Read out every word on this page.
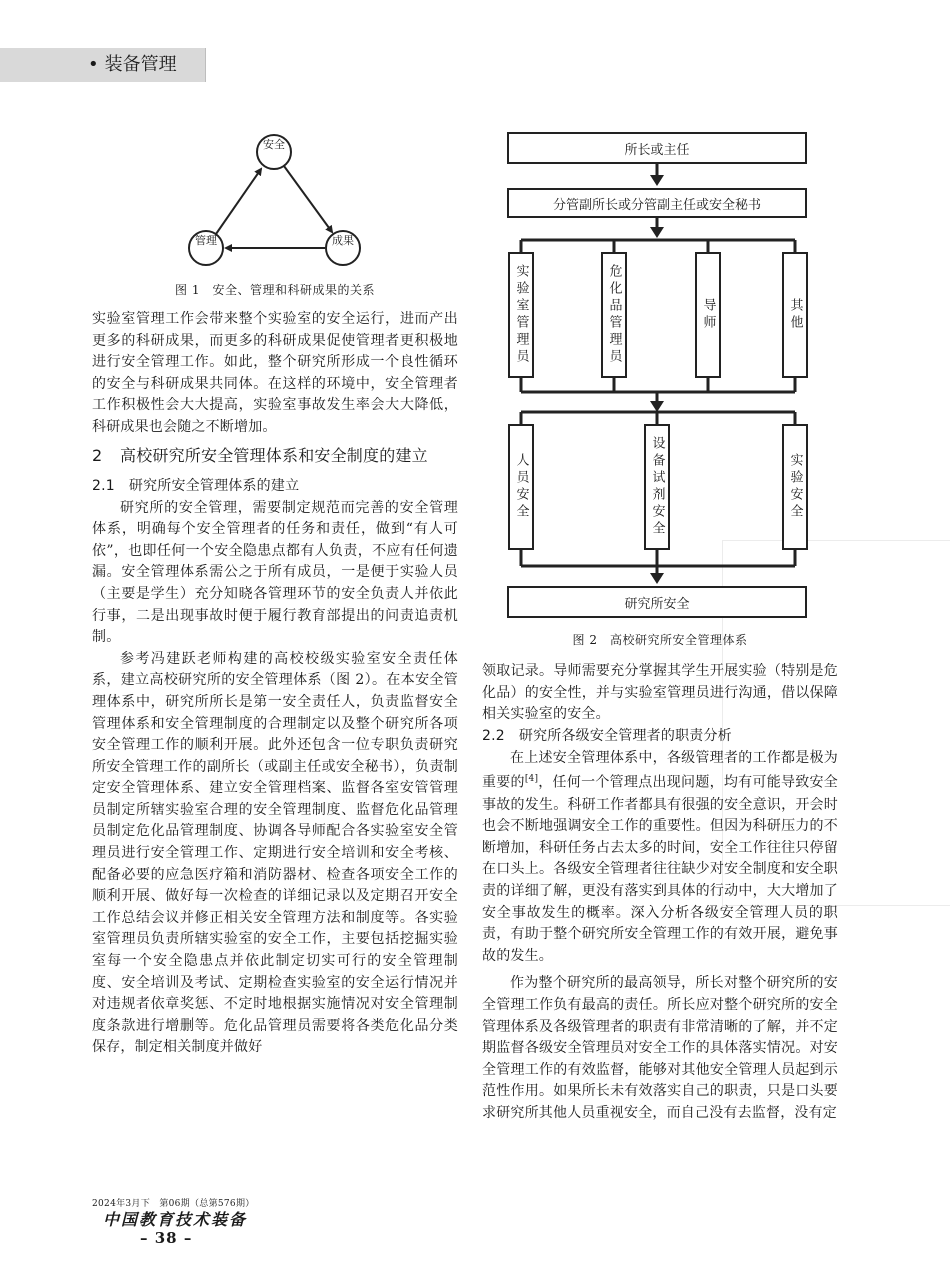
• 装备管理
安全
管理	成果
图 1　安全、管理和科研成果的关系
所长或主任
分管副所长或分管副主任或安全秘书
实验室管理员	危化品管理员	导师	其他
人员安全	设备试剂安全	实验安全
研究所安全
图 2　高校研究所安全管理体系

实验室管理工作会带来整个实验室的安全运行，进而产出更多的科研成果，而更多的科研成果促使管理者更积极地进行安全管理工作。如此，整个研究所形成一个良性循环的安全与科研成果共同体。在这样的环境中，安全管理者工作积极性会大大提高，实验室事故发生率会大大降低，科研成果也会随之不断增加。

2	高校研究所安全管理体系和安全制度的建立
2.1 研究所安全管理体系的建立

研究所的安全管理，需要制定规范而完善的安全管理体系，明确每个安全管理者的任务和责任，做到“有人可依”，也即任何一个安全隐患点都有人负责，不应有任何遗漏。安全管理体系需公之于所有成员，一是便于实验人员（主要是学生）充分知晓各管理环节的安全负责人并依此行事，二是出现事故时便于履行教育部提出的问责追责机制。

参考冯建跃老师构建的高校校级实验室安全责任体系，建立高校研究所的安全管理体系（图 2）。在本安全管理体系中，研究所所长是第一安全责任人，负责监督安全管理体系和安全管理制度的合理制定以及整个研究所各项安全管理工作的顺利开展。此外还包含一位专职负责研究所安全管理工作的副所长（或副主任或安全秘书），负责制定安全管理体系、建立安全管理档案、监督各室安管管理员制定所辖实验室合理的安全管理制度、监督危化品管理员制定危化品管理制度、协调各导师配合各实验室安全管理员进行安全管理工作、定期进行安全培训和安全考核、配备必要的应急医疗箱和消防器材、检查各项安全工作的顺利开展、做好每一次检查的详细记录以及定期召开安全工作总结会议并修正相关安全管理方法和制度等。各实验室管理员负责所辖实验室的安全工作，主要包括挖掘实验室每一个安全隐患点并依此制定切实可行的安全管理制度、安全培训及考试、定期检查实验室的安全运行情况并对违规者依章奖惩、不定时地根据实施情况对安全管理制度条款进行增删等。危化品管理员需要将各类危化品分类保存，制定相关制度并做好

领取记录。导师需要充分掌握其学生开展实验（特别是危化品）的安全性，并与实验室管理员进行沟通，借以保障相关实验室的安全。

2.2 研究所各级安全管理者的职责分析

在上述安全管理体系中，各级管理者的工作都是极为重要的[4]，任何一个管理点出现问题，均有可能导致安全事故的发生。科研工作者都具有很强的安全意识，开会时也会不断地强调安全工作的重要性。但因为科研压力的不断增加，科研任务占去太多的时间，安全工作往往只停留在口头上。各级安全管理者往往缺少对安全制度和安全职责的详细了解，更没有落实到具体的行动中，大大增加了安全事故发生的概率。深入分析各级安全管理人员的职责，有助于整个研究所安全管理工作的有效开展，避免事故的发生。

作为整个研究所的最高领导，所长对整个研究所的安全管理工作负有最高的责任。所长应对整个研究所的安全管理体系及各级管理者的职责有非常清晰的了解，并不定期监督各级安全管理员对安全工作的具体落实情况。对安全管理工作的有效监督，能够对其他安全管理人员起到示范性作用。如果所长未有效落实自己的职责，只是口头要求研究所其他人员重视安全，而自己没有去监督，没有定

2024年3月下　第06期（总第576期）
中国教育技术装备
– 38 –
